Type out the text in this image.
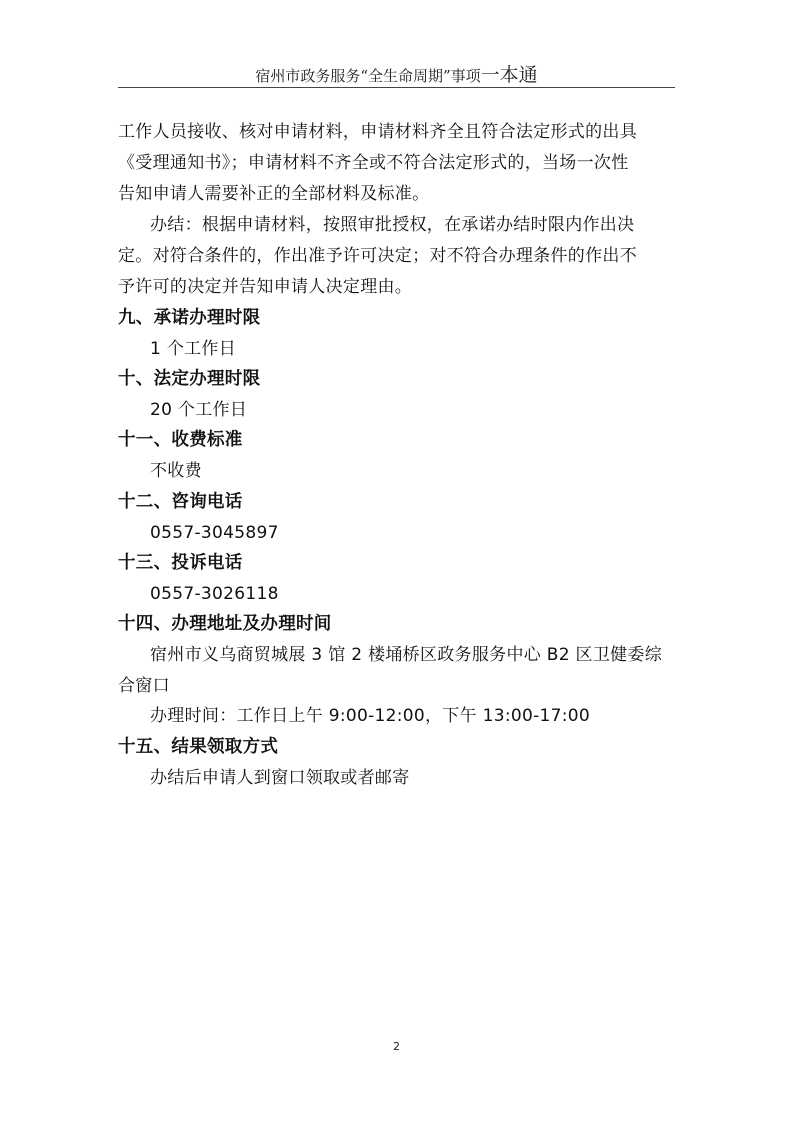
宿州市政务服务“全生命周期”事项一本通
工作人员接收、核对申请材料，申请材料齐全且符合法定形式的出具
《受理通知书》；申请材料不齐全或不符合法定形式的，当场一次性
告知申请人需要补正的全部材料及标准。
办结：根据申请材料，按照审批授权，在承诺办结时限内作出决
定。对符合条件的，作出准予许可决定；对不符合办理条件的作出不
予许可的决定并告知申请人决定理由。
九、承诺办理时限
1 个工作日
十、法定办理时限
20 个工作日
十一、收费标准
不收费
十二、咨询电话
0557-3045897
十三、投诉电话
0557-3026118
十四、办理地址及办理时间
宿州市义乌商贸城展 3 馆 2 楼埇桥区政务服务中心 B2 区卫健委综
合窗口
办理时间：工作日上午 9:00-12:00，下午 13:00-17:00
十五、结果领取方式
办结后申请人到窗口领取或者邮寄
2
